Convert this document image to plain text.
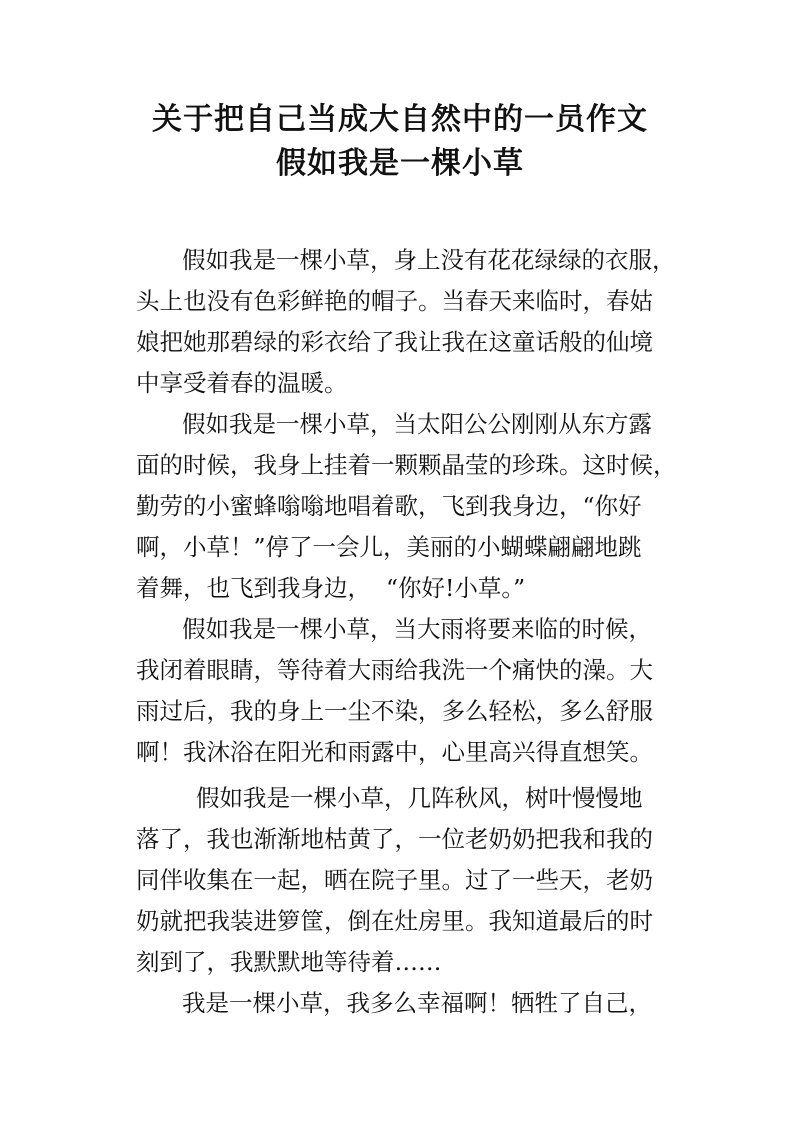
关于把自己当成大自然中的一员作文
假如我是一棵小草
假如我是一棵小草，身上没有花花绿绿的衣服，
头上也没有色彩鲜艳的帽子。当春天来临时，春姑
娘把她那碧绿的彩衣给了我让我在这童话般的仙境
中享受着春的温暖。
假如我是一棵小草，当太阳公公刚刚从东方露
面的时候，我身上挂着一颗颗晶莹的珍珠。这时候，
勤劳的小蜜蜂嗡嗡地唱着歌，飞到我身边，“你好
啊，小草！”停了一会儿，美丽的小蝴蝶翩翩地跳
着舞，也飞到我身边，  “你好!小草。”
假如我是一棵小草，当大雨将要来临的时候，
我闭着眼睛，等待着大雨给我洗一个痛快的澡。大
雨过后，我的身上一尘不染，多么轻松，多么舒服
啊！我沐浴在阳光和雨露中，心里高兴得直想笑。
假如我是一棵小草，几阵秋风，树叶慢慢地
落了，我也渐渐地枯黄了，一位老奶奶把我和我的
同伴收集在一起，晒在院子里。过了一些天，老奶
奶就把我装进箩筐，倒在灶房里。我知道最后的时
刻到了，我默默地等待着……
我是一棵小草，我多么幸福啊！牺牲了自己，
